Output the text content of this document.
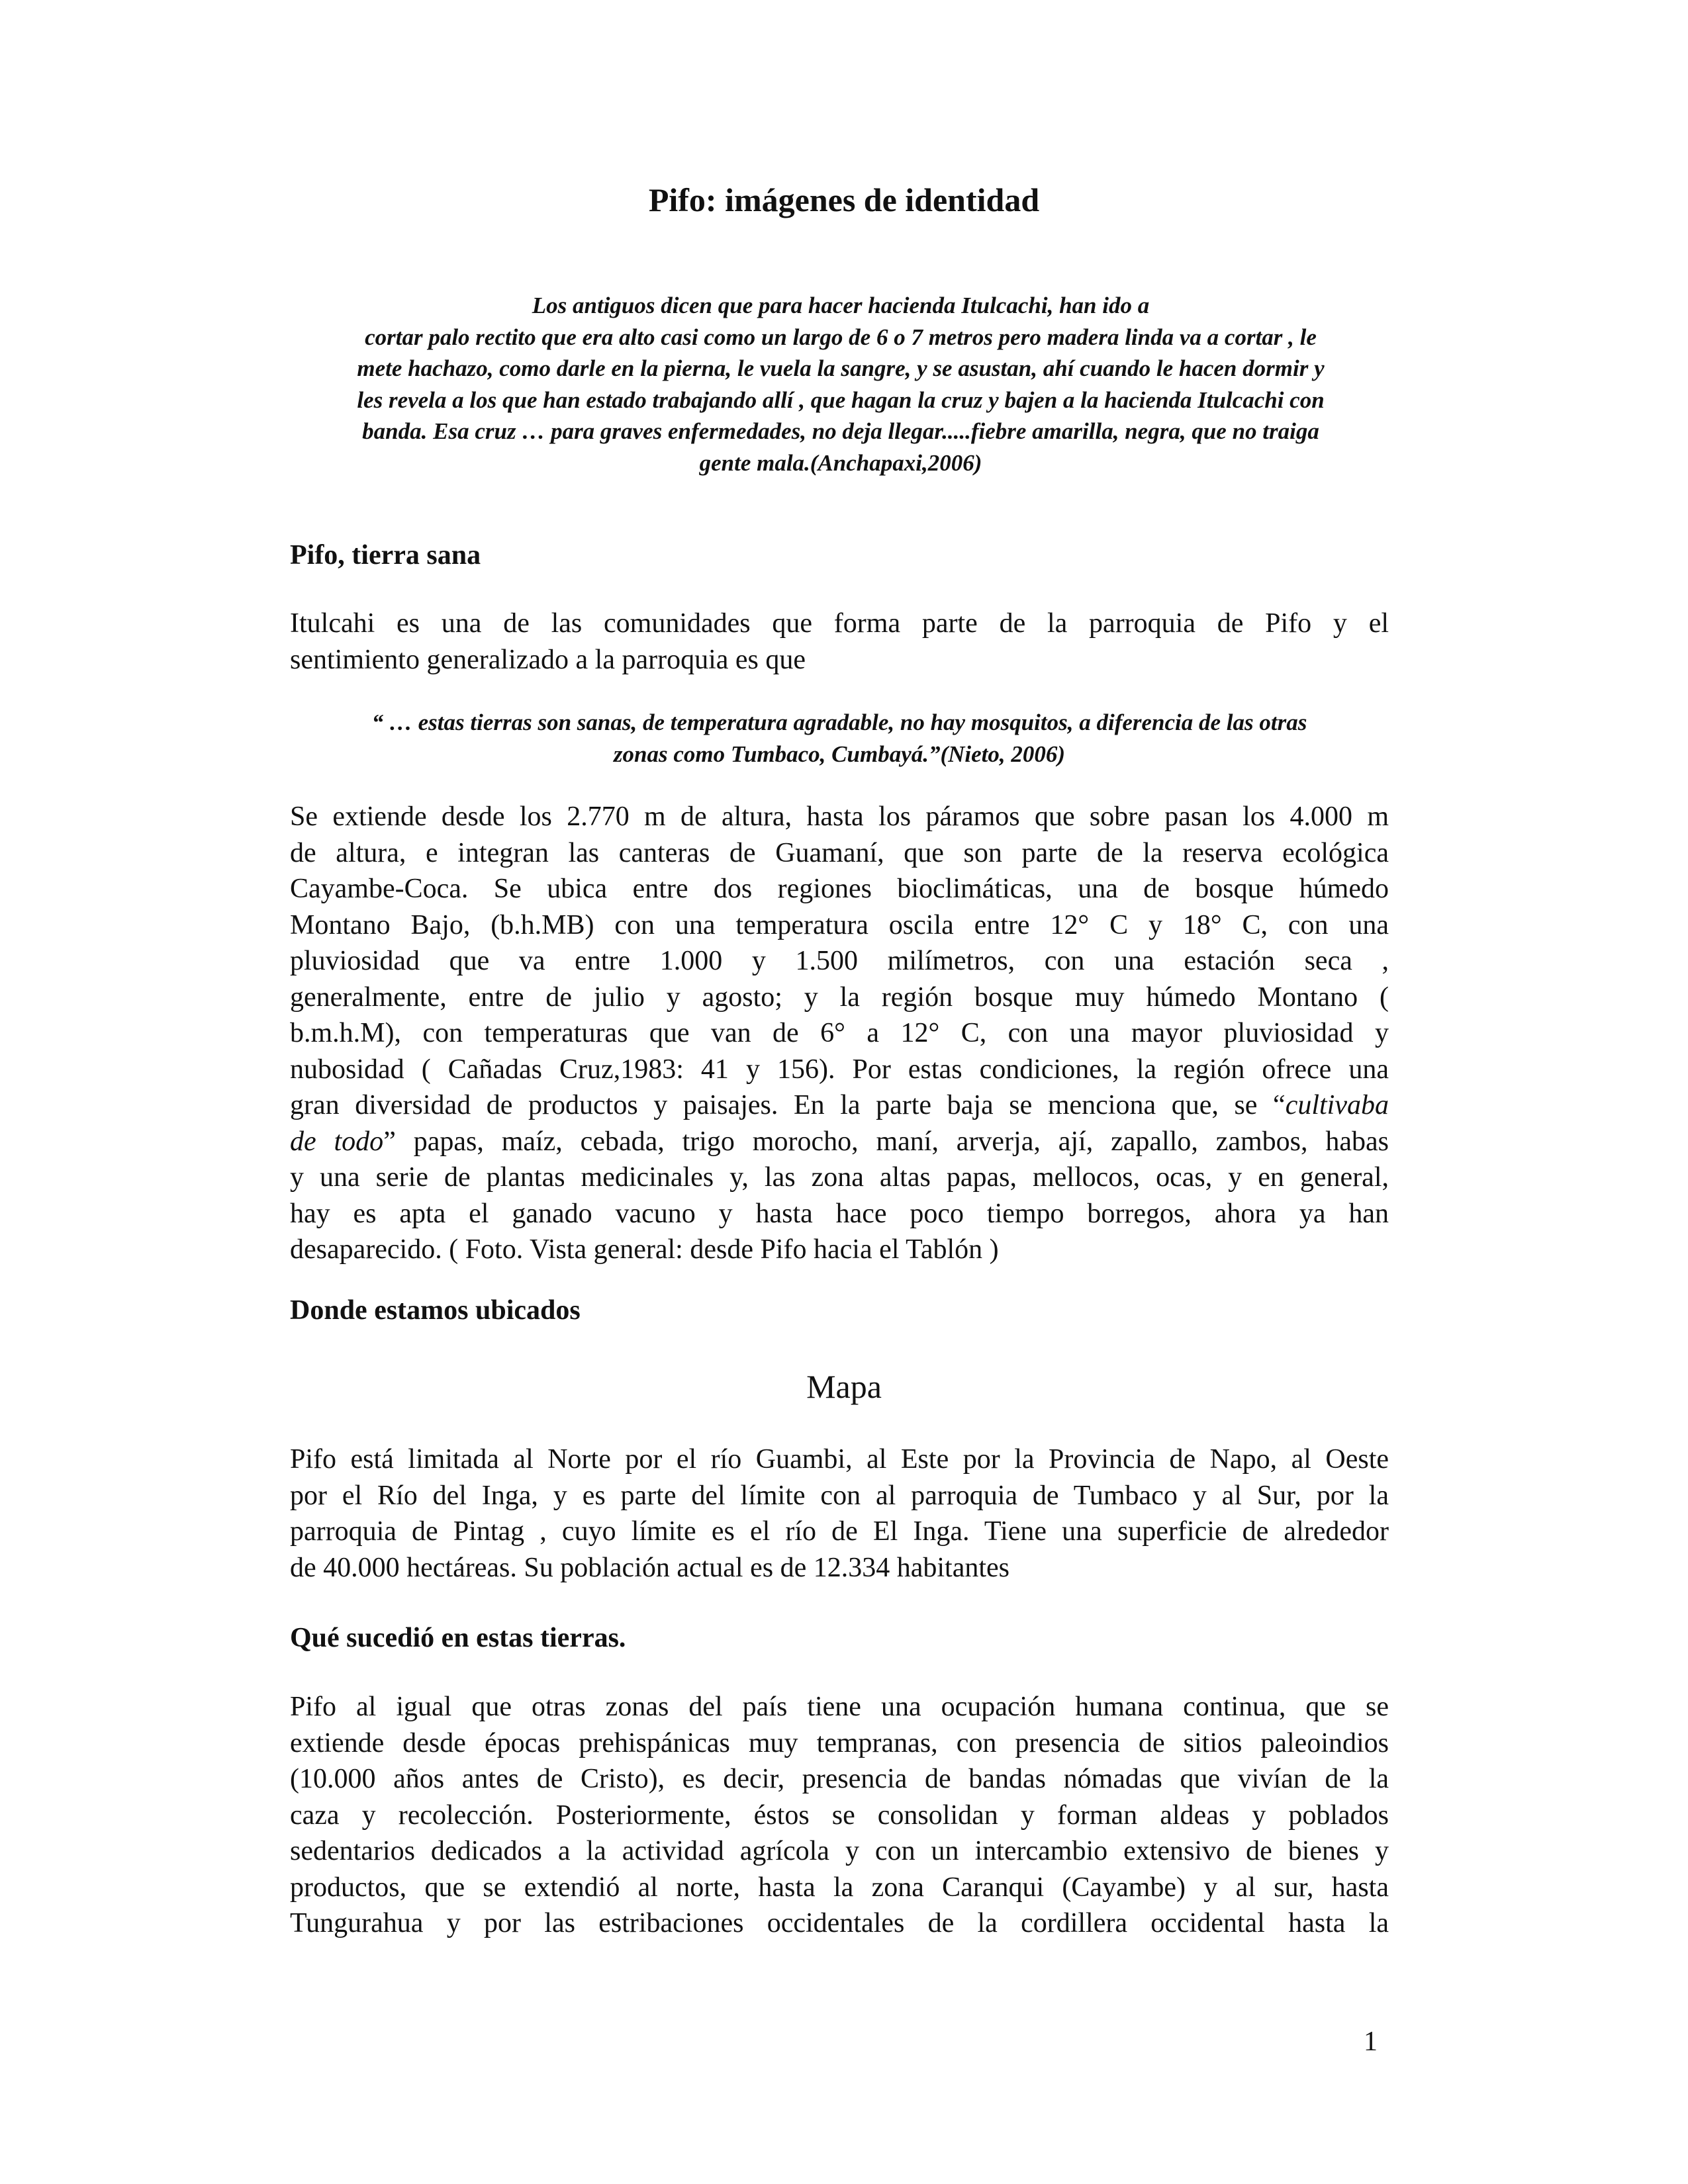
Pifo: imágenes de identidad
Los antiguos dicen que para hacer hacienda Itulcachi, han ido a
cortar palo rectito que era alto casi como un largo de 6 o 7 metros pero madera linda va a cortar , le
mete hachazo, como darle en la pierna, le vuela la sangre, y se asustan, ahí cuando le hacen dormir y
les revela a los que han estado trabajando allí , que hagan la cruz y bajen a la hacienda Itulcachi con
banda. Esa cruz … para graves enfermedades, no deja llegar.....fiebre amarilla, negra, que no traiga
gente mala.(Anchapaxi,2006)
Pifo, tierra sana
Itulcahi es una de las comunidades que forma parte de la parroquia de Pifo y el
sentimiento generalizado a la parroquia es que
“ … estas tierras son sanas, de temperatura agradable, no hay mosquitos, a diferencia de las otras
zonas como Tumbaco, Cumbayá.”(Nieto, 2006)
Se extiende desde los 2.770 m de altura, hasta los páramos que sobre pasan los 4.000 m
de altura, e integran las canteras de Guamaní, que son parte de la reserva ecológica
Cayambe-Coca. Se ubica entre dos regiones bioclimáticas, una de bosque húmedo
Montano Bajo, (b.h.MB) con una temperatura oscila entre 12° C y 18° C, con una
pluviosidad que va entre 1.000 y 1.500 milímetros, con una estación seca ,
generalmente, entre de julio y agosto; y la región bosque muy húmedo Montano (
b.m.h.M), con temperaturas que van de 6° a 12° C, con una mayor pluviosidad y
nubosidad ( Cañadas Cruz,1983: 41 y 156). Por estas condiciones, la región ofrece una
gran diversidad de productos y paisajes. En la parte baja se menciona que, se “cultivaba
de todo” papas, maíz, cebada, trigo morocho, maní, arverja, ají, zapallo, zambos, habas
y una serie de plantas medicinales y, las zona altas papas, mellocos, ocas, y en general,
hay es apta el ganado vacuno y hasta hace poco tiempo borregos, ahora ya han
desaparecido. ( Foto. Vista general: desde Pifo hacia el Tablón )
Donde estamos ubicados
Mapa
Pifo está limitada al Norte por el río Guambi, al Este por la Provincia de Napo, al Oeste
por el Río del Inga, y es parte del límite con al parroquia de Tumbaco y al Sur, por la
parroquia de Pintag , cuyo límite es el río de El Inga. Tiene una superficie de alrededor
de 40.000 hectáreas. Su población actual es de 12.334 habitantes
Qué sucedió en estas tierras.
Pifo al igual que otras zonas del país tiene una ocupación humana continua, que se
extiende desde épocas prehispánicas muy tempranas, con presencia de sitios paleoindios
(10.000 años antes de Cristo), es decir, presencia de bandas nómadas que vivían de la
caza y recolección. Posteriormente, éstos se consolidan y forman aldeas y poblados
sedentarios dedicados a la actividad agrícola y con un intercambio extensivo de bienes y
productos, que se extendió al norte, hasta la zona Caranqui (Cayambe) y al sur, hasta
Tungurahua y por las estribaciones occidentales de la cordillera occidental hasta la
1
